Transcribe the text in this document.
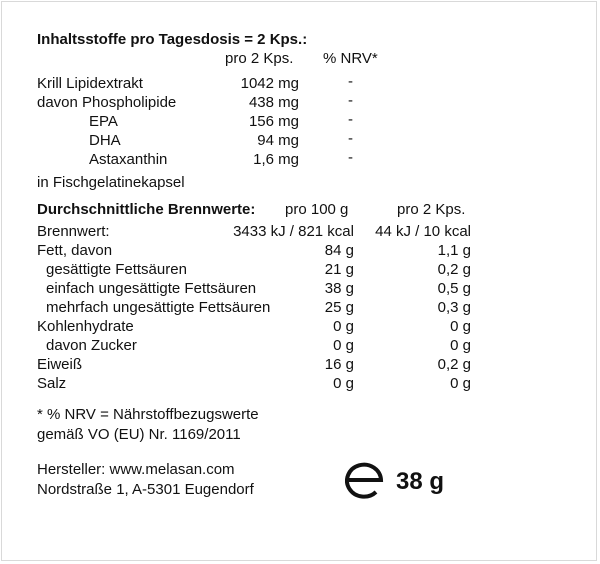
Inhaltsstoffe pro Tagesdosis = 2 Kps.:
pro 2 Kps. % NRV*
Krill Lipidextrakt	1042 mg	-
davon Phospholipide	438 mg	-
EPA	156 mg	-
DHA	94 mg	-
Astaxanthin	1,6 mg	-
in Fischgelatinekapsel
Durchschnittliche Brennwerte: pro 100 g	pro 2 Kps.
Brennwert:	3433 kJ / 821 kcal	44 kJ / 10 kcal
Fett, davon	84 g	1,1 g
gesättigte Fettsäuren	21 g	0,2 g
einfach ungesättigte Fettsäuren	38 g	0,5 g
mehrfach ungesättigte Fettsäuren	25 g	0,3 g
Kohlenhydrate	0 g	0 g
davon Zucker	0 g	0 g
Eiweiß	16 g	0,2 g
Salz	0 g	0 g
* % NRV = Nährstoffbezugswerte
gemäß VO (EU) Nr. 1169/2011
Hersteller: www.melasan.com
Nordstraße 1, A-5301 Eugendorf	38 g
